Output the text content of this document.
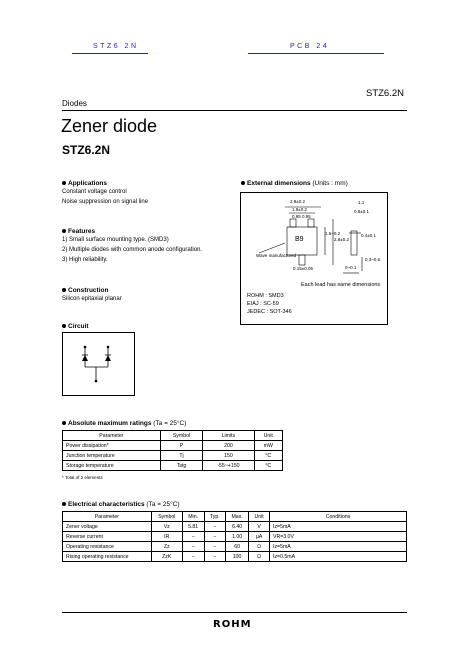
STZ6 2N	PCB 24
STZ6.2N
Diodes
Zener diode
STZ6.2N
Applications
Constant voltage control
Noise suppression on signal line
Features
1) Small surface mounting type. (SMD3)
2) Multiple diodes with common anode configuration.
3) High reliability.
Construction
Silicon epitaxial planar
Circuit
External dimensions (Units : mm)
2.9±0.2
1.9±0.2
0.95 0.95
1.6+0.2
2.8±0.2
1.1
0.8±0.1
0.4±0.1
0.15±0.05	0~0.1
0.3~0.6
B9
Wave manufactured
Each lead has same dimensions
ROHM : SMD3
EIAJ : SC-59
JEDEC : SOT-346
Absolute maximum ratings (Ta = 25°C)
Parameter	Symbol	Limits	Unit
Power dissipation*	P	200	mW
Junction temperature	Tj	150	°C
Storage temperature	Tstg	-55~+150	°C
* Total of 2 elements
Electrical characteristics (Ta = 25°C)
Parameter	Symbol	Min.	Typ.	Max.	Unit	Conditions
Zener voltage	Vz	5.81	−	6.40	V	Iz=5mA
Reverse current	IR	−	−	1.00	μA	VR=3.0V
Operating resistance	Zz	−	−	60	Ω	Iz=5mA
Rising operating resistance	ZzK	−	−	100	Ω	Iz=0.5mA
ROHM
